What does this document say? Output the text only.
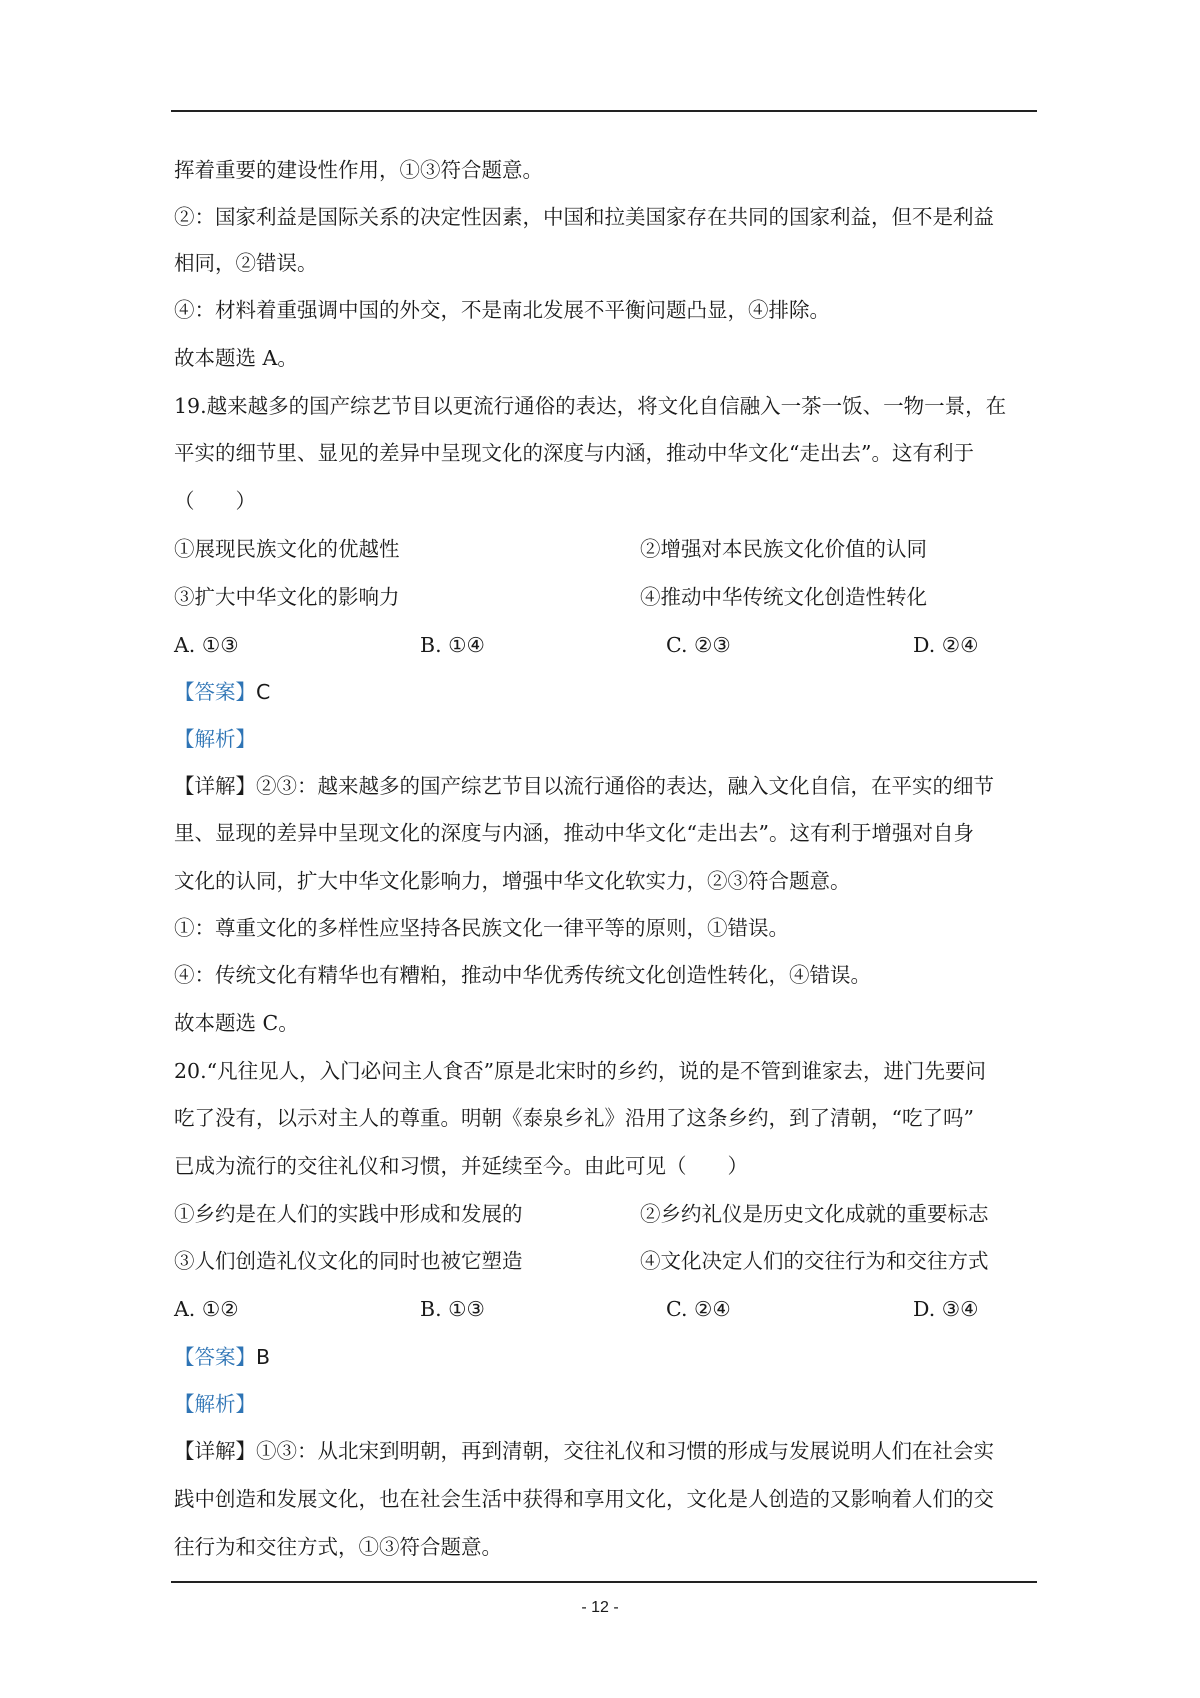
挥着重要的建设性作用，①③符合题意。
②：国家利益是国际关系的决定性因素，中国和拉美国家存在共同的国家利益，但不是利益
相同，②错误。
④：材料着重强调中国的外交，不是南北发展不平衡问题凸显，④排除。
故本题选 A。
19.越来越多的国产综艺节目以更流行通俗的表达，将文化自信融入一茶一饭、一物一景，在
平实的细节里、显见的差异中呈现文化的深度与内涵，推动中华文化“走出去”。这有利于
（　　）
①展现民族文化的优越性	②增强对本民族文化价值的认同
③扩大中华文化的影响力	④推动中华传统文化创造性转化
A. ①③	B. ①④	C. ②③	D. ②④
【答案】C
【解析】
【详解】②③：越来越多的国产综艺节目以流行通俗的表达，融入文化自信，在平实的细节
里、显现的差异中呈现文化的深度与内涵，推动中华文化“走出去”。这有利于增强对自身
文化的认同，扩大中华文化影响力，增强中华文化软实力，②③符合题意。
①：尊重文化的多样性应坚持各民族文化一律平等的原则，①错误。
④：传统文化有精华也有糟粕，推动中华优秀传统文化创造性转化，④错误。
故本题选 C。
20.“凡往见人，入门必问主人食否”原是北宋时的乡约，说的是不管到谁家去，进门先要问
吃了没有，以示对主人的尊重。明朝《泰泉乡礼》沿用了这条乡约，到了清朝，“吃了吗”
已成为流行的交往礼仪和习惯，并延续至今。由此可见（　　）
①乡约是在人们的实践中形成和发展的	②乡约礼仪是历史文化成就的重要标志
③人们创造礼仪文化的同时也被它塑造	④文化决定人们的交往行为和交往方式
A. ①②	B. ①③	C. ②④	D. ③④
【答案】B
【解析】
【详解】①③：从北宋到明朝，再到清朝，交往礼仪和习惯的形成与发展说明人们在社会实
践中创造和发展文化，也在社会生活中获得和享用文化，文化是人创造的又影响着人们的交
往行为和交往方式，①③符合题意。
- 12 -
